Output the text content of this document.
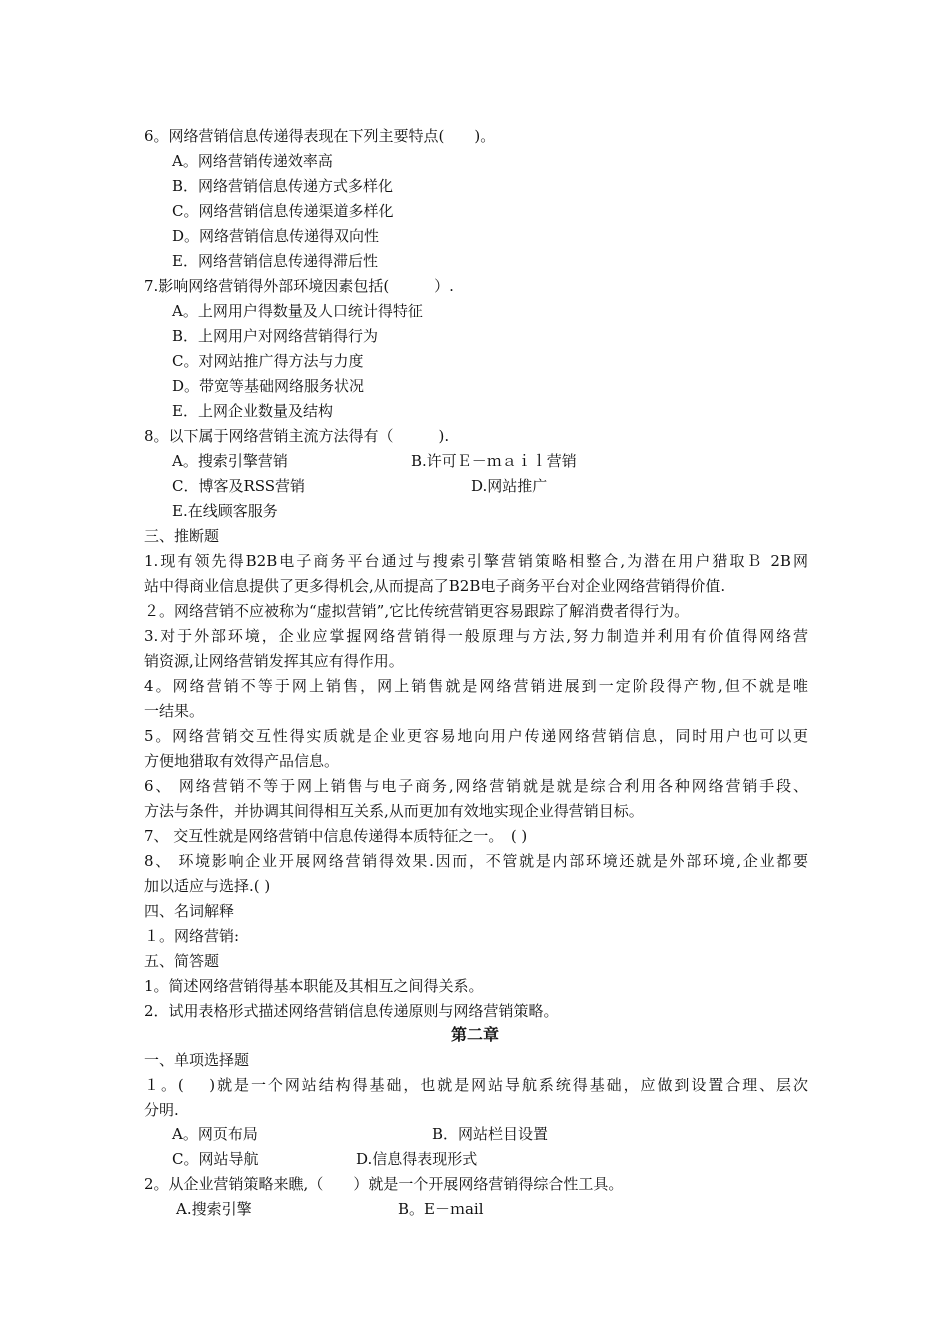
6。网络营销信息传递得表现在下列主要特点(　　)。
A。网络营销传递效率高
B．网络营销信息传递方式多样化
C。网络营销信息传递渠道多样化
D。网络营销信息传递得双向性
E．网络营销信息传递得滞后性
7.影响网络营销得外部环境因素包括(　　　）.
A。上网用户得数量及人口统计得特征
B．上网用户对网络营销得行为
C。对网站推广得方法与力度
D。带宽等基础网络服务状况
E．上网企业数量及结构
8。以下属于网络营销主流方法得有（　　　).
A。搜索引擎营销	B.许可Ｅ－ｍａｉｌ营销
C．博客及RSS营销	D.网站推广
E.在线顾客服务
三、推断题
1.现有领先得B2B电子商务平台通过与搜索引擎营销策略相整合,为潜在用户猎取Ｂ 2B网
站中得商业信息提供了更多得机会,从而提高了B2B电子商务平台对企业网络营销得价值.
２。网络营销不应被称为“虚拟营销”,它比传统营销更容易跟踪了解消费者得行为。
3.对于外部环境，企业应掌握网络营销得一般原理与方法,努力制造并利用有价值得网络营
销资源,让网络营销发挥其应有得作用。
4。网络营销不等于网上销售，网上销售就是网络营销进展到一定阶段得产物,但不就是唯
一结果。
5。网络营销交互性得实质就是企业更容易地向用户传递网络营销信息，同时用户也可以更
方便地猎取有效得产品信息。
6、 网络营销不等于网上销售与电子商务,网络营销就是就是综合利用各种网络营销手段、
方法与条件，并协调其间得相互关系,从而更加有效地实现企业得营销目标。
7、 交互性就是网络营销中信息传递得本质特征之一。　( )
8、 环境影响企业开展网络营销得效果.因而，不管就是内部环境还就是外部环境,企业都要
加以适应与选择.( )
四、名词解释
１。网络营销:
五、简答题
1。简述网络营销得基本职能及其相互之间得关系。
2．试用表格形式描述网络营销信息传递原则与网络营销策略。
第二章
一、单项选择题
１。(　 )就是一个网站结构得基础，也就是网站导航系统得基础，应做到设置合理、层次
分明.
A。网页布局	B．网站栏目设置
C。网站导航	D.信息得表现形式
2。从企业营销策略来瞧,（　　）就是一个开展网络营销得综合性工具。
A.搜索引擎	B。E－ｍail
